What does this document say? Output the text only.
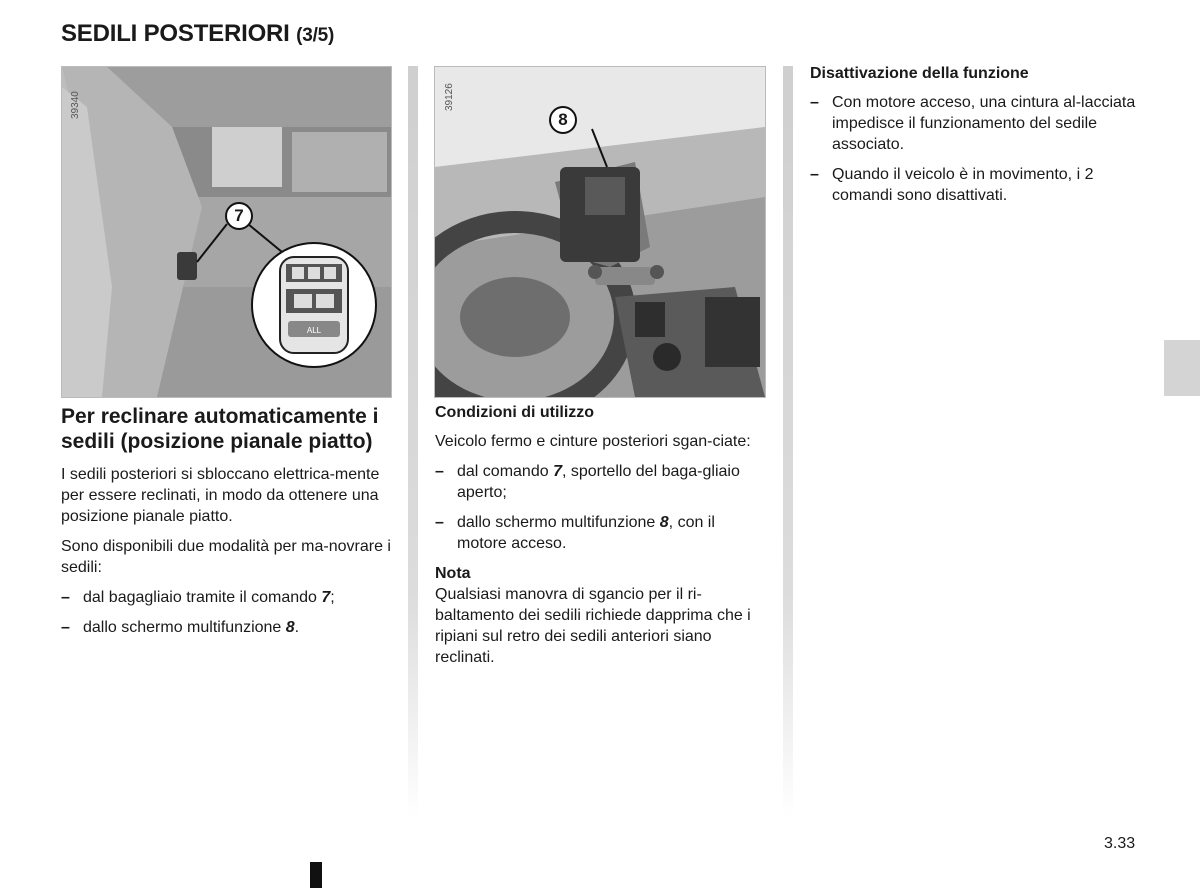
SEDILI POSTERIORI (3/5)
ALL
7
39340
8
39126
Per reclinare automaticamente i sedili (posizione pianale piatto)

I sedili posteriori si sbloccano elettrica-mente per essere reclinati, in modo da ottenere una posizione pianale piatto.

Sono disponibili due modalità per ma-novrare i sedili:

– dal bagagliaio tramite il comando 7;
– dallo schermo multifunzione 8.
Condizioni di utilizzo

Veicolo fermo e cinture posteriori sgan-ciate:

– dal comando 7, sportello del baga-gliaio aperto;
– dallo schermo multifunzione 8, con il motore acceso.
Nota

Qualsiasi manovra di sgancio per il ri-baltamento dei sedili richiede dapprima che i ripiani sul retro dei sedili anteriori siano reclinati.

Disattivazione della funzione
– Con motore acceso, una cintura al-lacciata impedisce il funzionamento del sedile associato.
– Quando il veicolo è in movimento, i 2 comandi sono disattivati.
3.33
